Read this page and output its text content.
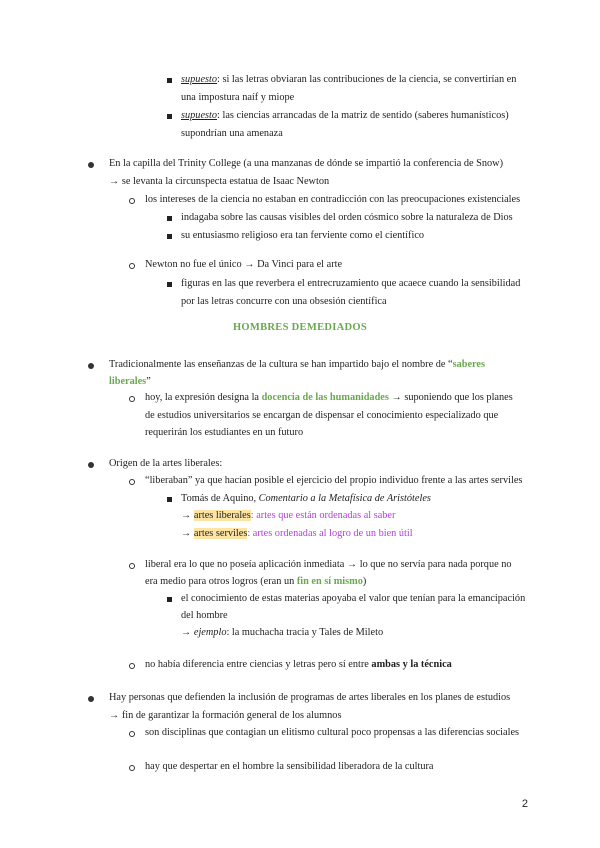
supuesto: si las letras obviaran las contribuciones de la ciencia, se convertirían en
una impostura naíf y miope
supuesto: las ciencias arrancadas de la matriz de sentido (saberes humanísticos)
supondrían una amenaza
En la capilla del Trinity College (a una manzanas de dónde se impartió la conferencia de Snow)
→ se levanta la circunspecta estatua de Isaac Newton
los intereses de la ciencia no estaban en contradicción con las preocupaciones existenciales
indagaba sobre las causas visibles del orden cósmico sobre la naturaleza de Dios
su entusiasmo religioso era tan ferviente como el científico
Newton no fue el único → Da Vinci para el arte
figuras en las que reverbera el entrecruzamiento que acaece cuando la sensibilidad
por las letras concurre con una obsesión científica
HOMBRES DEMEDIADOS
Tradicionalmente las enseñanzas de la cultura se han impartido bajo el nombre de “saberes
liberales”
hoy, la expresión designa la docencia de las humanidades → suponiendo que los planes
de estudios universitarios se encargan de dispensar el conocimiento especializado que
requerirán los estudiantes en un futuro
Origen de la artes liberales:
“liberaban” ya que hacían posible el ejercicio del propio individuo frente a las artes serviles
Tomás de Aquino, Comentario a la Metafísica de Aristóteles
→ artes liberales: artes que están ordenadas al saber
→ artes serviles: artes ordenadas al logro de un bien útil
liberal era lo que no poseía aplicación inmediata → lo que no servía para nada porque no
era medio para otros logros (eran un fin en sí mismo)
el conocimiento de estas materias apoyaba el valor que tenían para la emancipación
del hombre
→ ejemplo: la muchacha tracia y Tales de Mileto
no había diferencia entre ciencias y letras pero sí entre ambas y la técnica
Hay personas que defienden la inclusión de programas de artes liberales en los planes de estudios
→ fin de garantizar la formación general de los alumnos
son disciplinas que contagian un elitismo cultural poco propensas a las diferencias sociales
hay que despertar en el hombre la sensibilidad liberadora de la cultura
2
